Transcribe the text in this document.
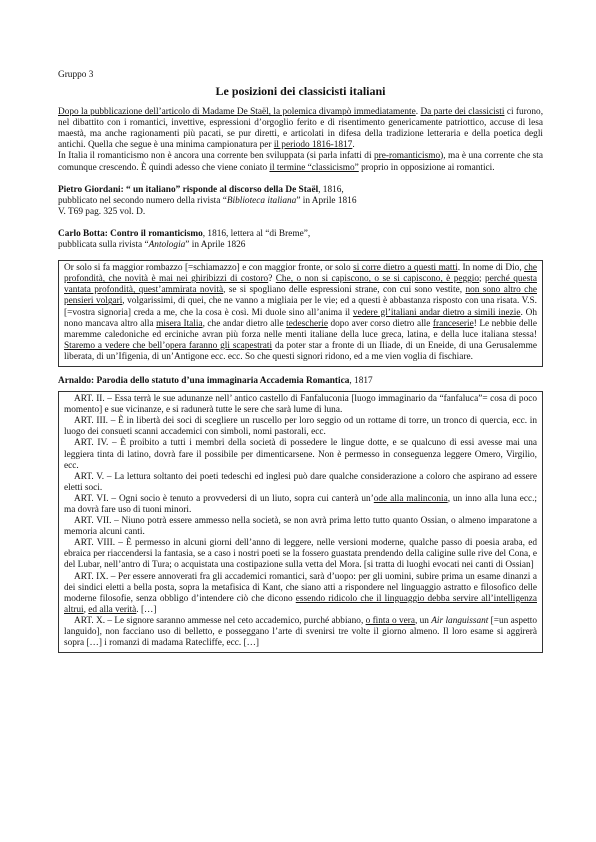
Gruppo 3
Le posizioni dei classicisti italiani

Dopo la pubblicazione dell’articolo di Madame De Staël, la polemica divampò immediatamente. Da parte dei classicisti ci furono, nel dibattito con i romantici, invettive, espressioni d’orgoglio ferito e di risentimento genericamente patriottico, accuse di lesa maestà, ma anche ragionamenti più pacati, se pur diretti, e articolati in difesa della tradizione letteraria e della poetica degli antichi. Quella che segue è una minima campionatura per il periodo 1816-1817.

In Italia il romanticismo non è ancora una corrente ben sviluppata (si parla infatti di pre-romanticismo), ma è una corrente che sta comunque crescendo. È quindi adesso che viene coniato il termine “classicismo” proprio in opposizione ai romantici.

Pietro Giordani: “ un italiano” risponde al discorso della De Staël, 1816,

pubblicato nel secondo numero della rivista “Biblioteca italiana” in Aprile 1816

V. T69 pag. 325 vol. D.

Carlo Botta: Contro il romanticismo, 1816, lettera al “di Breme”,

pubblicata sulla rivista “Antologia” in Aprile 1826

Or solo si fa maggior rombazzo [=schiamazzo] e con maggior fronte, or solo si corre dietro a questi matti. In nome di Dio, che profondità, che novità è mai nei ghiribizzi di costoro? Che, o non si capiscono, o se si capiscono, è peggio; perché questa vantata profondità, quest’ammirata novità, se si spogliano delle espressioni strane, con cui sono vestite, non sono altro che pensieri volgari, volgarissimi, di quei, che ne vanno a migliaia per le vie; ed a questi è abbastanza risposto con una risata. V.S. [=vostra signoria] creda a me, che la cosa è così. Mi duole sino all’anima il vedere gl’italiani andar dietro a simili inezie. Oh nono mancava altro alla misera Italia, che andar dietro alle tedescherie dopo aver corso dietro alle franceserie! Le nebbie delle maremme caledoniche ed erciniche avran più forza nelle menti italiane della luce greca, latina, e della luce italiana stessa! Staremo a vedere che bell’opera faranno gli scapestrati da poter star a fronte di un Iliade, di un Eneide, di una Gerusalemme liberata, di un’Ifigenia, di un’Antigone ecc. ecc. So che questi signori ridono, ed a me vien voglia di fischiare.

Arnaldo: Parodia dello statuto d’una immaginaria Accademia Romantica, 1817

ART. II. – Essa terrà le sue adunanze nell’ antico castello di Fanfaluconia [luogo immaginario da “fanfaluca”= cosa di poco momento] e sue vicinanze, e si radunerà tutte le sere che sarà lume di luna.

ART. III. – È in libertà dei soci di scegliere un ruscello per loro seggio od un rottame di torre, un tronco di quercia, ecc. in luogo dei consueti scanni accademici con simboli, nomi pastorali, ecc.

ART. IV. – È proibito a tutti i membri della società di possedere le lingue dotte, e se qualcuno di essi avesse mai una leggiera tinta di latino, dovrà fare il possibile per dimenticarsene. Non è permesso in conseguenza leggere Omero, Virgilio, ecc.

ART. V. – La lettura soltanto dei poeti tedeschi ed inglesi può dare qualche considerazione a coloro che aspirano ad essere eletti soci.

ART. VI. – Ogni socio è tenuto a provvedersi di un liuto, sopra cui canterà un’ode alla malinconia, un inno alla luna ecc.; ma dovrà fare uso di tuoni minori.

ART. VII. – Niuno potrà essere ammesso nella società, se non avrà prima letto tutto quanto Ossian, o almeno imparatone a memoria alcuni canti.

ART. VIII. – È permesso in alcuni giorni dell’anno di leggere, nelle versioni moderne, qualche passo di poesia araba, ed ebraica per riaccendersi la fantasia, se a caso i nostri poeti se la fossero guastata prendendo della caligine sulle rive del Cona, e del Lubar, nell’antro di Tura; o acquistata una costipazione sulla vetta del Mora. [si tratta di luoghi evocati nei canti di Ossian]

ART. IX. – Per essere annoverati fra gli accademici romantici, sarà d’uopo: per gli uomini, subire prima un esame dinanzi a dei sindici eletti a bella posta, sopra la metafisica di Kant, che siano atti a rispondere nel linguaggio astratto e filosofico delle moderne filosofie, senza obbligo d’intendere ciò che dicono essendo ridicolo che il linguaggio debba servire all’intelligenza altrui, ed alla verità. […]

ART. X. – Le signore saranno ammesse nel ceto accademico, purché abbiano, o finta o vera, un Air languissant [=un aspetto languido], non facciano uso di belletto, e posseggano l’arte di svenirsi tre volte il giorno almeno. Il loro esame si aggirerà sopra […] i romanzi di madama Ratecliffe, ecc. […]
